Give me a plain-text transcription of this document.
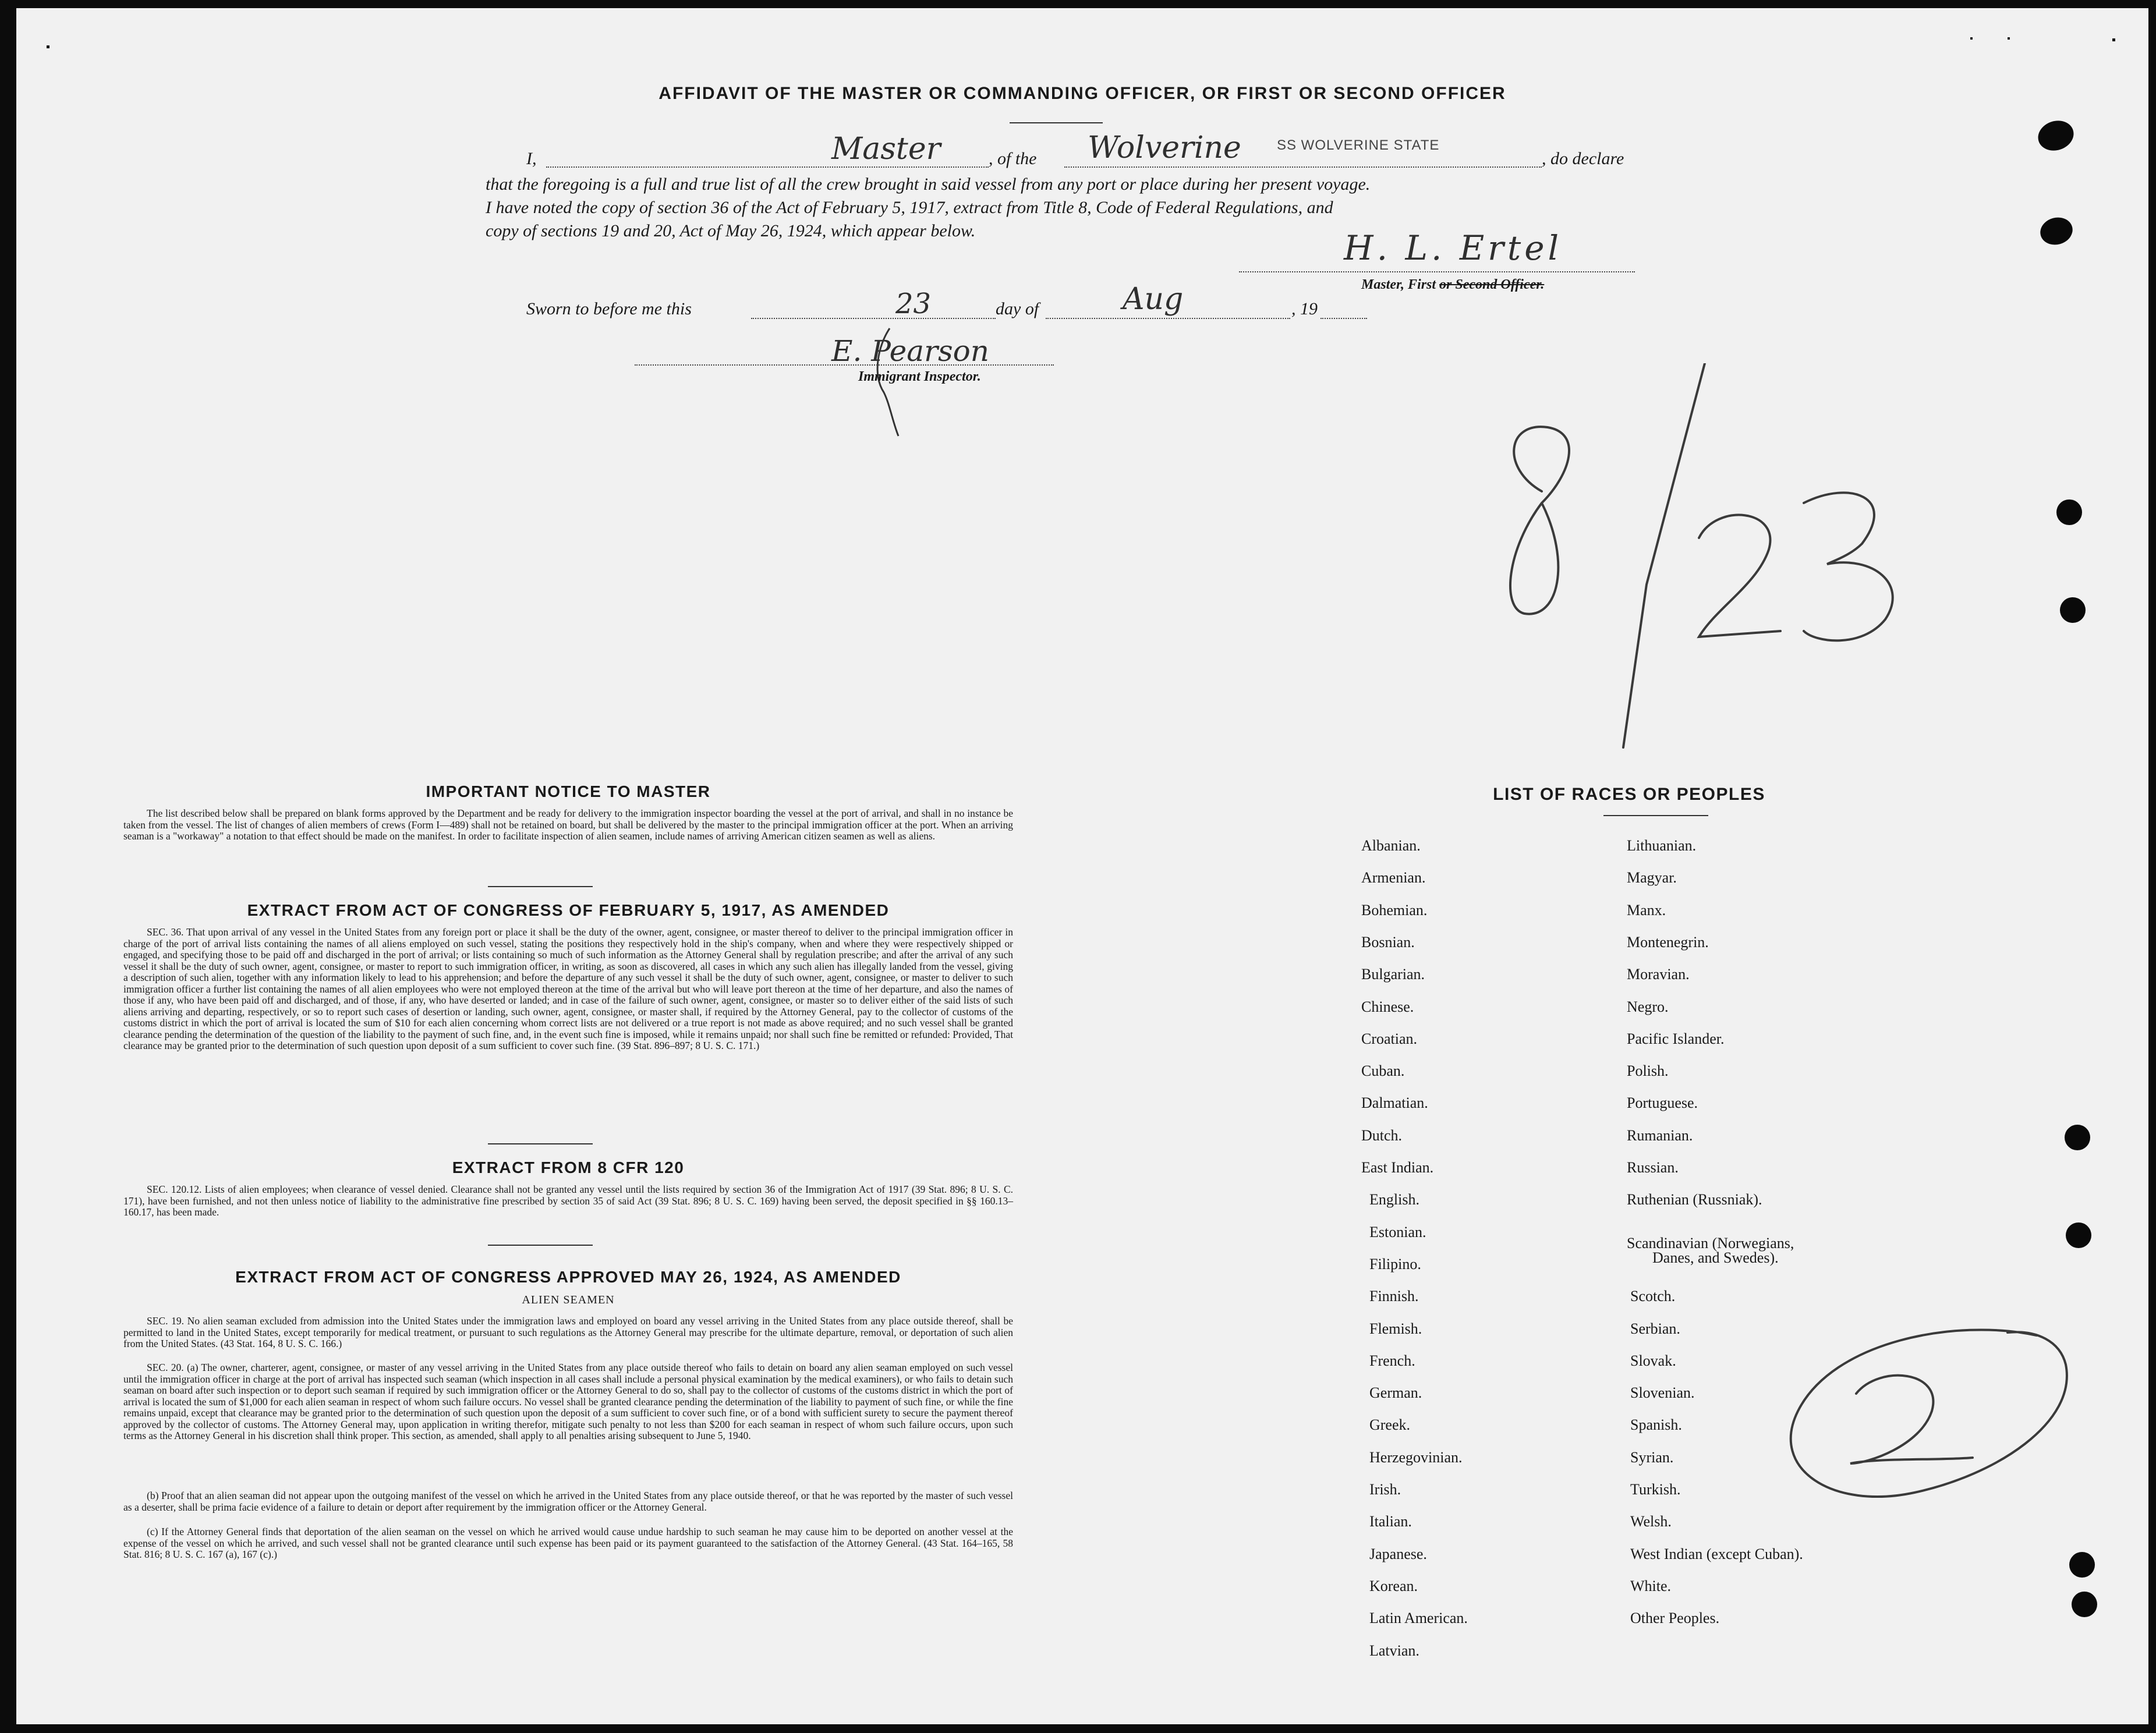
AFFIDAVIT OF THE MASTER OR COMMANDING OFFICER, OR FIRST OR SECOND OFFICER
I,	Master	, of the Wolverine	SS WOLVERINE STATE
, do declare
that the foregoing is a full and true list of all the crew brought in said vessel from any port or place during her present voyage.
I have noted the copy of section 36 of the Act of February 5, 1917, extract from Title 8, Code of Federal Regulations, and
copy of sections 19 and 20, Act of May 26, 1924, which appear below.	H. L. Ertel
Master, First or Second Officer.
Sworn to before me this	23	day of	Aug	, 19
E. Pearson
Immigrant Inspector.
IMPORTANT NOTICE TO MASTER
The list described below shall be prepared on blank forms approved by the Department and be ready for delivery to the immigration inspector boarding the vessel at the port of arrival, and shall in no instance be taken from the vessel. The list of changes of alien members of crews (Form I—489) shall not be retained on board, but shall be delivered by the master to the principal immigration officer at the port. When an arriving seaman is a "workaway" a notation to that effect should be made on the manifest. In order to facilitate inspection of alien seamen, include names of arriving American citizen seamen as well as aliens.
EXTRACT FROM ACT OF CONGRESS OF FEBRUARY 5, 1917, AS AMENDED
SEC. 36. That upon arrival of any vessel in the United States from any foreign port or place it shall be the duty of the owner, agent, consignee, or master thereof to deliver to the principal immigration officer in charge of the port of arrival lists containing the names of all aliens employed on such vessel, stating the positions they respectively hold in the ship's company, when and where they were respectively shipped or engaged, and specifying those to be paid off and discharged in the port of arrival; or lists containing so much of such information as the Attorney General shall by regulation prescribe; and after the arrival of any such vessel it shall be the duty of such owner, agent, consignee, or master to report to such immigration officer, in writing, as soon as discovered, all cases in which any such alien has illegally landed from the vessel, giving a description of such alien, together with any information likely to lead to his apprehension; and before the departure of any such vessel it shall be the duty of such owner, agent, consignee, or master to deliver to such immigration officer a further list containing the names of all alien employees who were not employed thereon at the time of the arrival but who will leave port thereon at the time of her departure, and also the names of those if any, who have been paid off and discharged, and of those, if any, who have deserted or landed; and in case of the failure of such owner, agent, consignee, or master so to deliver either of the said lists of such aliens arriving and departing, respectively, or so to report such cases of desertion or landing, such owner, agent, consignee, or master shall, if required by the Attorney General, pay to the collector of customs of the customs district in which the port of arrival is located the sum of $10 for each alien concerning whom correct lists are not delivered or a true report is not made as above required; and no such vessel shall be granted clearance pending the determination of the question of the liability to the payment of such fine, and, in the event such fine is imposed, while it remains unpaid; nor shall such fine be remitted or refunded: Provided, That clearance may be granted prior to the determination of such question upon deposit of a sum sufficient to cover such fine. (39 Stat. 896–897; 8 U. S. C. 171.)
EXTRACT FROM 8 CFR 120
SEC. 120.12. Lists of alien employees; when clearance of vessel denied. Clearance shall not be granted any vessel until the lists required by section 36 of the Immigration Act of 1917 (39 Stat. 896; 8 U. S. C. 171), have been furnished, and not then unless notice of liability to the administrative fine prescribed by section 35 of said Act (39 Stat. 896; 8 U. S. C. 169) having been served, the deposit specified in §§ 160.13–160.17, has been made.
EXTRACT FROM ACT OF CONGRESS APPROVED MAY 26, 1924, AS AMENDED
ALIEN SEAMEN
SEC. 19. No alien seaman excluded from admission into the United States under the immigration laws and employed on board any vessel arriving in the United States from any place outside thereof, shall be permitted to land in the United States, except temporarily for medical treatment, or pursuant to such regulations as the Attorney General may prescribe for the ultimate departure, removal, or deportation of such alien from the United States. (43 Stat. 164, 8 U. S. C. 166.)
SEC. 20. (a) The owner, charterer, agent, consignee, or master of any vessel arriving in the United States from any place outside thereof who fails to detain on board any alien seaman employed on such vessel until the immigration officer in charge at the port of arrival has inspected such seaman (which inspection in all cases shall include a personal physical examination by the medical examiners), or who fails to detain such seaman on board after such inspection or to deport such seaman if required by such immigration officer or the Attorney General to do so, shall pay to the collector of customs of the customs district in which the port of arrival is located the sum of $1,000 for each alien seaman in respect of whom such failure occurs. No vessel shall be granted clearance pending the determination of the liability to payment of such fine, or while the fine remains unpaid, except that clearance may be granted prior to the determination of such question upon the deposit of a sum sufficient to cover such fine, or of a bond with sufficient surety to secure the payment thereof approved by the collector of customs. The Attorney General may, upon application in writing therefor, mitigate such penalty to not less than $200 for each seaman in respect of whom such failure occurs, upon such terms as the Attorney General in his discretion shall think proper. This section, as amended, shall apply to all penalties arising subsequent to June 5, 1940.
(b) Proof that an alien seaman did not appear upon the outgoing manifest of the vessel on which he arrived in the United States from any place outside thereof, or that he was reported by the master of such vessel as a deserter, shall be prima facie evidence of a failure to detain or deport after requirement by the immigration officer or the Attorney General.
(c) If the Attorney General finds that deportation of the alien seaman on the vessel on which he arrived would cause undue hardship to such seaman he may cause him to be deported on another vessel at the expense of the vessel on which he arrived, and such vessel shall not be granted clearance until such expense has been paid or its payment guaranteed to the satisfaction of the Attorney General. (43 Stat. 164–165, 58 Stat. 816; 8 U. S. C. 167 (a), 167 (c).)
LIST OF RACES OR PEOPLES
Albanian.
Armenian.
Bohemian.
Bosnian.
Bulgarian.
Chinese.
Croatian.
Cuban.
Dalmatian.
Dutch.
East Indian.
English.
Estonian.
Filipino.
Finnish.
Flemish.
French.
German.
Greek.
Herzegovinian.
Irish.
Italian.
Japanese.
Korean.
Latin American.
Latvian.
Lithuanian.
Magyar.
Manx.
Montenegrin.
Moravian.
Negro.
Pacific Islander.
Polish.
Portuguese.
Rumanian.
Russian.
Ruthenian (Russniak).
Scandinavian (Norwegians,
Danes, and Swedes).
Scotch.
Serbian.
Slovak.
Slovenian.
Spanish.
Syrian.
Turkish.
Welsh.
West Indian (except Cuban).
White.
Other Peoples.
